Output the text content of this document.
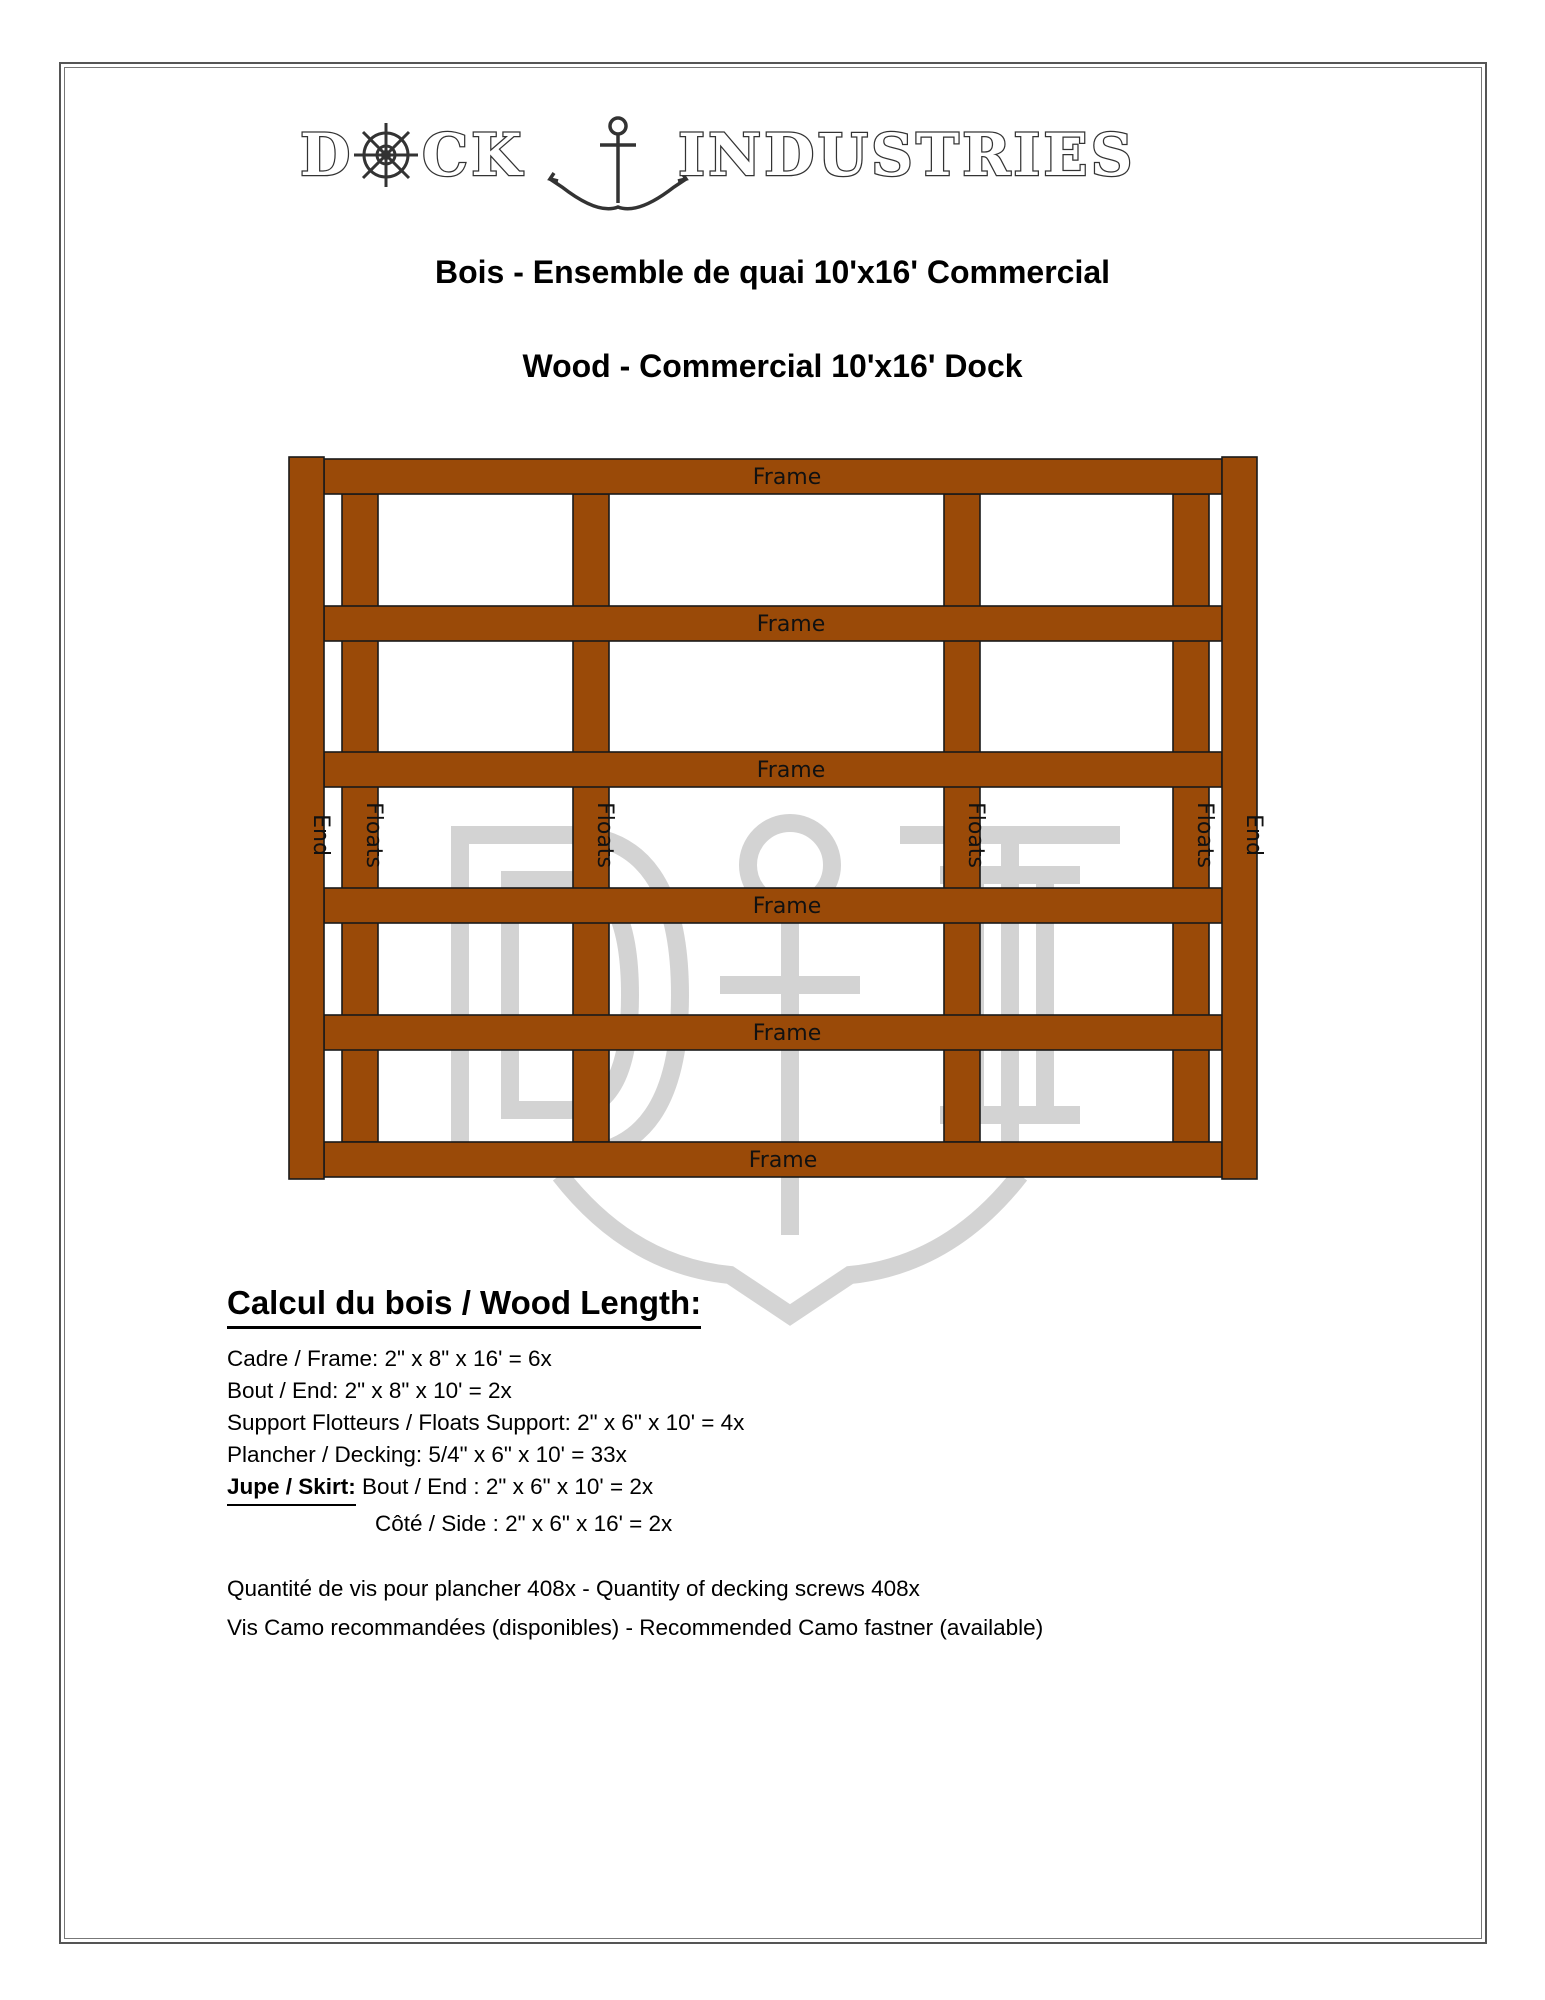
D CK	INDUSTRIES
Bois - Ensemble de quai 10'x16' Commercial
Wood - Commercial 10'x16' Dock
Frame
Frame
Frame
Frame
Frame
Frame
End	End
Floats	Floats	Floats	Floats
Calcul du bois / Wood Length:
Cadre / Frame: 2" x 8" x 16' = 6x
Bout / End: 2" x 8" x 10' = 2x
Support Flotteurs / Floats Support: 2" x 6" x 10' = 4x
Plancher / Decking: 5/4" x 6" x 10' = 33x
Jupe / Skirt: Bout / End : 2" x 6" x 10' = 2x
Côté / Side : 2" x 6" x 16' = 2x
Quantité de vis pour plancher 408x - Quantity of decking screws 408x
Vis Camo recommandées (disponibles) - Recommended Camo fastner (available)
